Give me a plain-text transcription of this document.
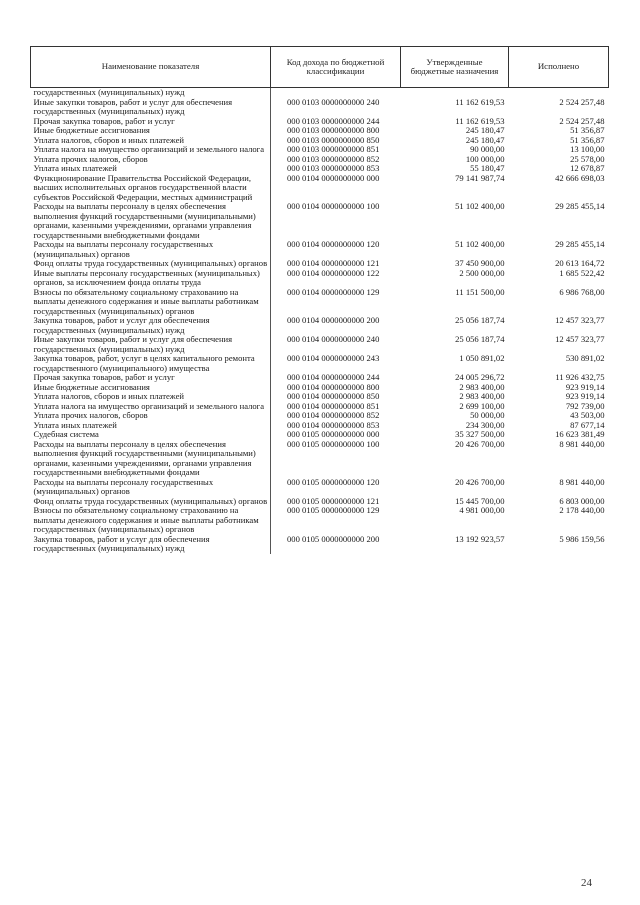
Наименование показателя	Код дохода по бюджетной классификации	Утвержденные бюджетные назначения	Исполнено
государственных (муниципальных) нужд			
Иные закупки товаров, работ и услуг для обеспечения государственных (муниципальных) нужд	000 0103 0000000000 240	11 162 619,53	2 524 257,48
Прочая закупка товаров, работ и услуг	000 0103 0000000000 244	11 162 619,53	2 524 257,48
Иные бюджетные ассигнования	000 0103 0000000000 800	245 180,47	51 356,87
Уплата налогов, сборов и иных платежей	000 0103 0000000000 850	245 180,47	51 356,87
Уплата налога на имущество организаций и земельного налога	000 0103 0000000000 851	90 000,00	13 100,00
Уплата прочих налогов, сборов	000 0103 0000000000 852	100 000,00	25 578,00
Уплата иных платежей	000 0103 0000000000 853	55 180,47	12 678,87
Функционирование Правительства Российской Федерации, высших исполнительных органов государственной власти субъектов Российской Федерации, местных администраций	000 0104 0000000000 000	79 141 987,74	42 666 698,03
Расходы на выплаты персоналу в целях обеспечения выполнения функций государственными (муниципальными) органами, казенными учреждениями, органами управления государственными внебюджетными фондами	000 0104 0000000000 100	51 102 400,00	29 285 455,14
Расходы на выплаты персоналу государственных (муниципальных) органов	000 0104 0000000000 120	51 102 400,00	29 285 455,14
Фонд оплаты труда государственных (муниципальных) органов	000 0104 0000000000 121	37 450 900,00	20 613 164,72
Иные выплаты персоналу государственных (муниципальных) органов, за исключением фонда оплаты труда	000 0104 0000000000 122	2 500 000,00	1 685 522,42
Взносы по обязательному социальному страхованию на выплаты денежного содержания и иные выплаты работникам государственных (муниципальных) органов	000 0104 0000000000 129	11 151 500,00	6 986 768,00
Закупка товаров, работ и услуг для обеспечения государственных (муниципальных) нужд	000 0104 0000000000 200	25 056 187,74	12 457 323,77
Иные закупки товаров, работ и услуг для обеспечения государственных (муниципальных) нужд	000 0104 0000000000 240	25 056 187,74	12 457 323,77
Закупка товаров, работ, услуг в целях капитального ремонта государственного (муниципального) имущества	000 0104 0000000000 243	1 050 891,02	530 891,02
Прочая закупка товаров, работ и услуг	000 0104 0000000000 244	24 005 296,72	11 926 432,75
Иные бюджетные ассигнования	000 0104 0000000000 800	2 983 400,00	923 919,14
Уплата налогов, сборов и иных платежей	000 0104 0000000000 850	2 983 400,00	923 919,14
Уплата налога на имущество организаций и земельного налога	000 0104 0000000000 851	2 699 100,00	792 739,00
Уплата прочих налогов, сборов	000 0104 0000000000 852	50 000,00	43 503,00
Уплата иных платежей	000 0104 0000000000 853	234 300,00	87 677,14
Судебная система	000 0105 0000000000 000	35 327 500,00	16 623 381,49
Расходы на выплаты персоналу в целях обеспечения выполнения функций государственными (муниципальными) органами, казенными учреждениями, органами управления государственными внебюджетными фондами	000 0105 0000000000 100	20 426 700,00	8 981 440,00
Расходы на выплаты персоналу государственных (муниципальных) органов	000 0105 0000000000 120	20 426 700,00	8 981 440,00
Фонд оплаты труда государственных (муниципальных) органов	000 0105 0000000000 121	15 445 700,00	6 803 000,00
Взносы по обязательному социальному страхованию на выплаты денежного содержания и иные выплаты работникам государственных (муниципальных) органов	000 0105 0000000000 129	4 981 000,00	2 178 440,00
Закупка товаров, работ и услуг для обеспечения государственных (муниципальных) нужд	000 0105 0000000000 200	13 192 923,57	5 986 159,56
24
